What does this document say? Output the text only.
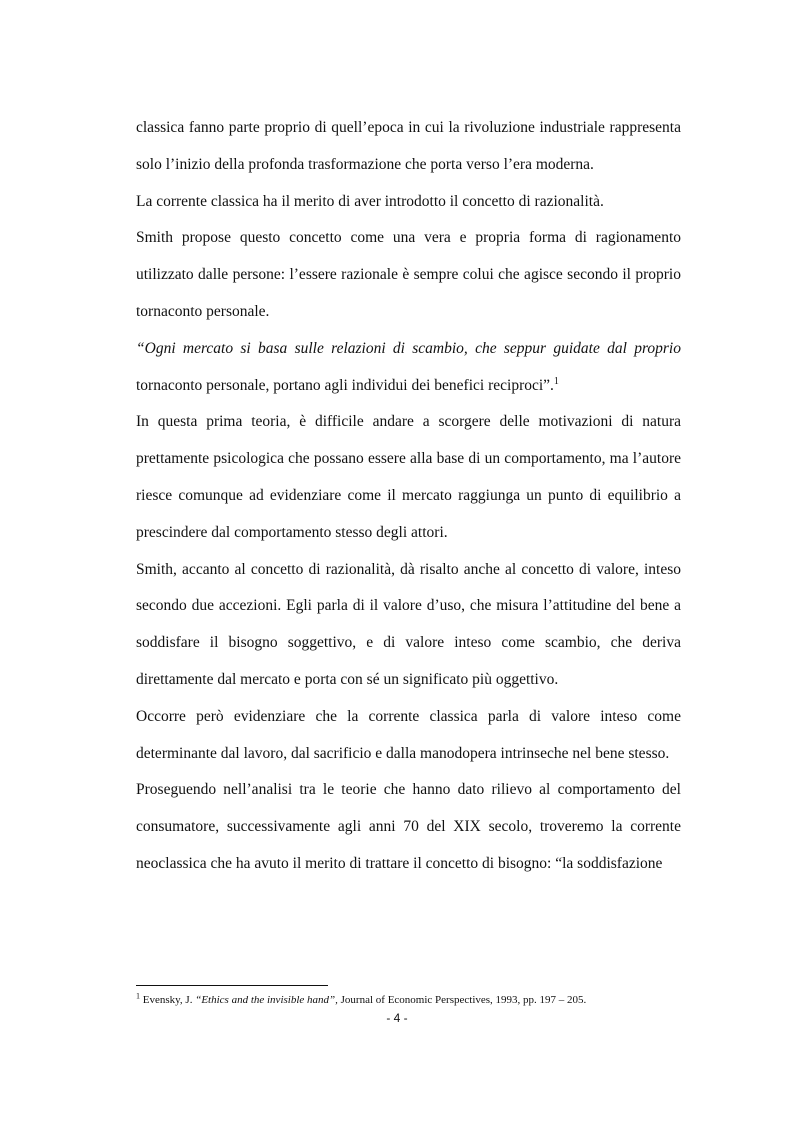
classica fanno parte proprio di quell’epoca in cui la rivoluzione industriale rappresenta solo l’inizio della profonda trasformazione che porta verso l’era moderna.

La corrente classica ha il merito di aver introdotto il concetto di razionalità.

Smith propose questo concetto come una vera e propria forma di ragionamento utilizzato dalle persone: l’essere razionale è sempre colui che agisce secondo il proprio tornaconto personale.

“Ogni mercato si basa sulle relazioni di scambio, che seppur guidate dal proprio tornaconto personale, portano agli individui dei benefici reciproci”.$^1$

In questa prima teoria, è difficile andare a scorgere delle motivazioni di natura prettamente psicologica che possano essere alla base di un comportamento, ma l’autore riesce comunque ad evidenziare come il mercato raggiunga un punto di equilibrio a prescindere dal comportamento stesso degli attori.

Smith, accanto al concetto di razionalità, dà risalto anche al concetto di valore, inteso secondo due accezioni. Egli parla di il valore d’uso, che misura l’attitudine del bene a soddisfare il bisogno soggettivo, e di valore inteso come scambio, che deriva direttamente dal mercato e porta con sé un significato più oggettivo.

Occorre però evidenziare che la corrente classica parla di valore inteso come determinante dal lavoro, dal sacrificio e dalla manodopera intrinseche nel bene stesso.

Proseguendo nell’analisi tra le teorie che hanno dato rilievo al comportamento del consumatore, successivamente agli anni 70 del XIX secolo, troveremo la corrente neoclassica che ha avuto il merito di trattare il concetto di bisogno: “la soddisfazione

$^1$ Evensky, J. “Ethics and the invisible hand”, Journal of Economic Perspectives, 1993, pp. 197 – 205.
- 4 -
